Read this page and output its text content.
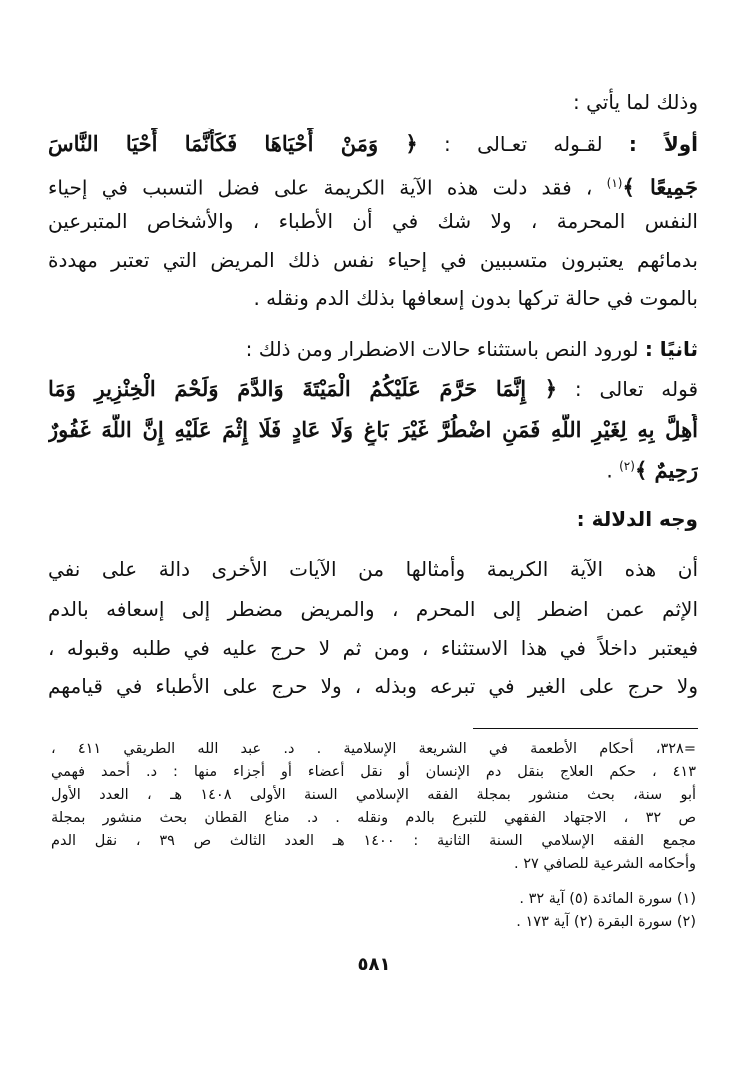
وذلك لما يأتي :
أولاً : لقـوله تعـالى : ﴿ وَمَنْ أَحْيَاهَا فَكَأَنَّمَا أَحْيَا النَّاسَ
جَمِيعًا ﴾$^{(١)}$ ، فقد دلت هذه الآية الكريمة على فضل التسبب في إحياء
النفس المحرمة ، ولا شك في أن الأطباء ، والأشخاص المتبرعين
بدمائهم يعتبرون متسببين في إحياء نفس ذلك المريض التي تعتبر مهددة
بالموت في حالة تركها بدون إسعافها بذلك الدم ونقله .
ثانيًا : لورود النص باستثناء حالات الاضطرار ومن ذلك :
قوله تعالى : ﴿ إِنَّمَا حَرَّمَ عَلَيْكُمُ الْمَيْتَةَ وَالدَّمَ وَلَحْمَ الْخِنْزِيرِ وَمَا
أُهِلَّ بِهِ لِغَيْرِ اللَّهِ فَمَنِ اضْطُرَّ غَيْرَ بَاغٍ وَلَا عَادٍ فَلَا إِثْمَ عَلَيْهِ إِنَّ اللَّهَ غَفُورٌ
رَحِيمٌ ﴾$^{(٢)}$ .
وجه الدلالة :
أن هذه الآية الكريمة وأمثالها من الآيات الأخرى دالة على نفي
الإثم عمن اضطر إلى المحرم ، والمريض مضطر إلى إسعافه بالدم
فيعتبر داخلاً في هذا الاستثناء ، ومن ثم لا حرج عليه في طلبه وقبوله ،
ولا حرج على الغير في تبرعه وبذله ، ولا حرج على الأطباء في قيامهم
=٣٢٨، أحكام الأطعمة في الشريعة الإسلامية . د. عبد الله الطريقي ٤١١ ،
٤١٣ ، حكم العلاج بنقل دم الإنسان أو نقل أعضاء أو أجزاء منها : د. أحمد فهمي
أبو سنة، بحث منشور بمجلة الفقه الإسلامي السنة الأولى ١٤٠٨ هـ ، العدد الأول
ص ٣٢ ، الاجتهاد الفقهي للتبرع بالدم ونقله . د. مناع القطان بحث منشور بمجلة
مجمع الفقه الإسلامي السنة الثانية : ١٤٠٠ هـ العدد الثالث ص ٣٩ ، نقل الدم
وأحكامه الشرعية للصافي ٢٧ .
(١) سورة المائدة (٥) آية ٣٢ .
(٢) سورة البقرة (٢) آية ١٧٣ .
٥٨١
